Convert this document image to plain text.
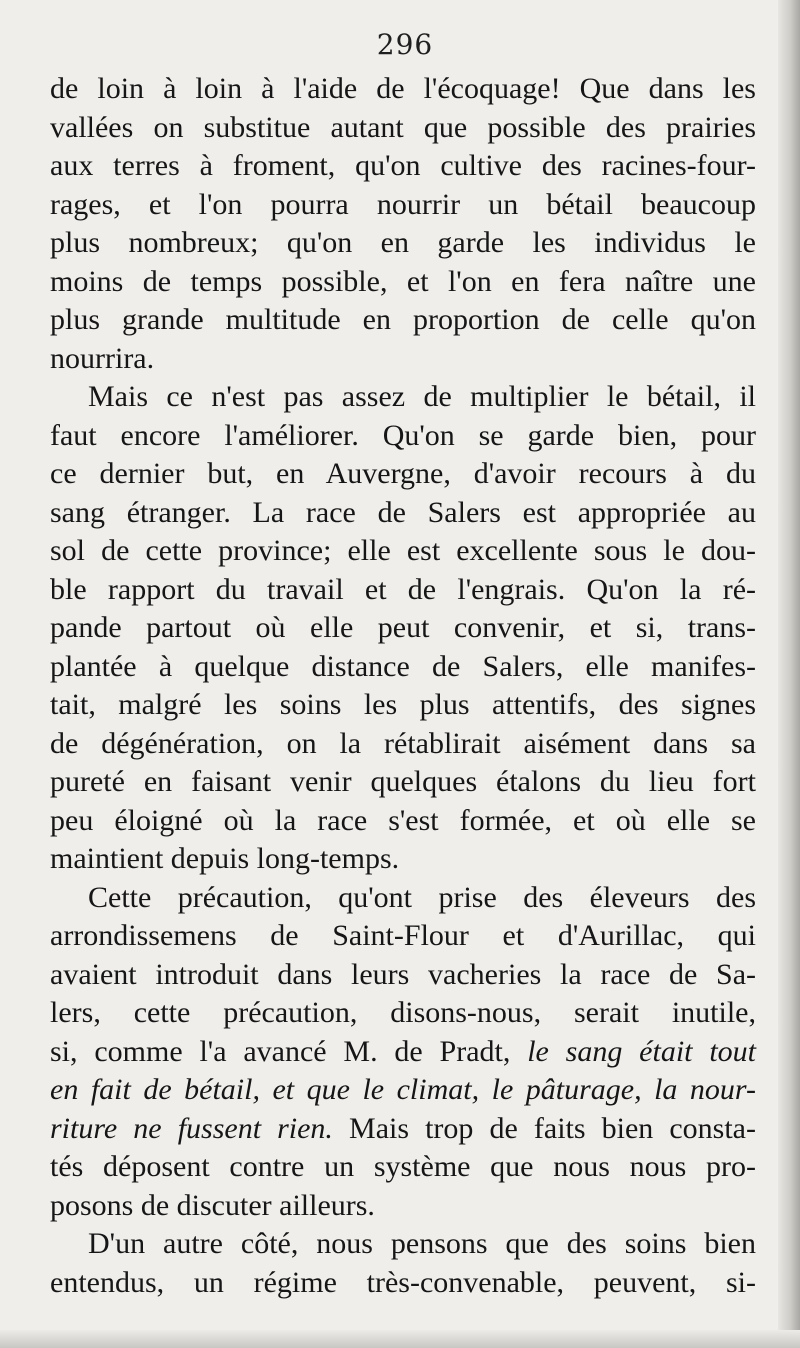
296
de loin à loin à l'aide de l'écoquage! Que dans les
vallées on substitue autant que possible des prairies
aux terres à froment, qu'on cultive des racines-four-
rages, et l'on pourra nourrir un bétail beaucoup
plus nombreux; qu'on en garde les individus le
moins de temps possible, et l'on en fera naître une
plus grande multitude en proportion de celle qu'on
nourrira.
Mais ce n'est pas assez de multiplier le bétail, il
faut encore l'améliorer. Qu'on se garde bien, pour
ce dernier but, en Auvergne, d'avoir recours à du
sang étranger. La race de Salers est appropriée au
sol de cette province; elle est excellente sous le dou-
ble rapport du travail et de l'engrais. Qu'on la ré-
pande partout où elle peut convenir, et si, trans-
plantée à quelque distance de Salers, elle manifes-
tait, malgré les soins les plus attentifs, des signes
de dégénération, on la rétablirait aisément dans sa
pureté en faisant venir quelques étalons du lieu fort
peu éloigné où la race s'est formée, et où elle se
maintient depuis long-temps.
Cette précaution, qu'ont prise des éleveurs des
arrondissemens de Saint-Flour et d'Aurillac, qui
avaient introduit dans leurs vacheries la race de Sa-
lers, cette précaution, disons-nous, serait inutile,
si, comme l'a avancé M. de Pradt, le sang était tout
en fait de bétail, et que le climat, le pâturage, la nour-
riture ne fussent rien. Mais trop de faits bien consta-
tés déposent contre un système que nous nous pro-
posons de discuter ailleurs.
D'un autre côté, nous pensons que des soins bien
entendus, un régime très-convenable, peuvent, si-
